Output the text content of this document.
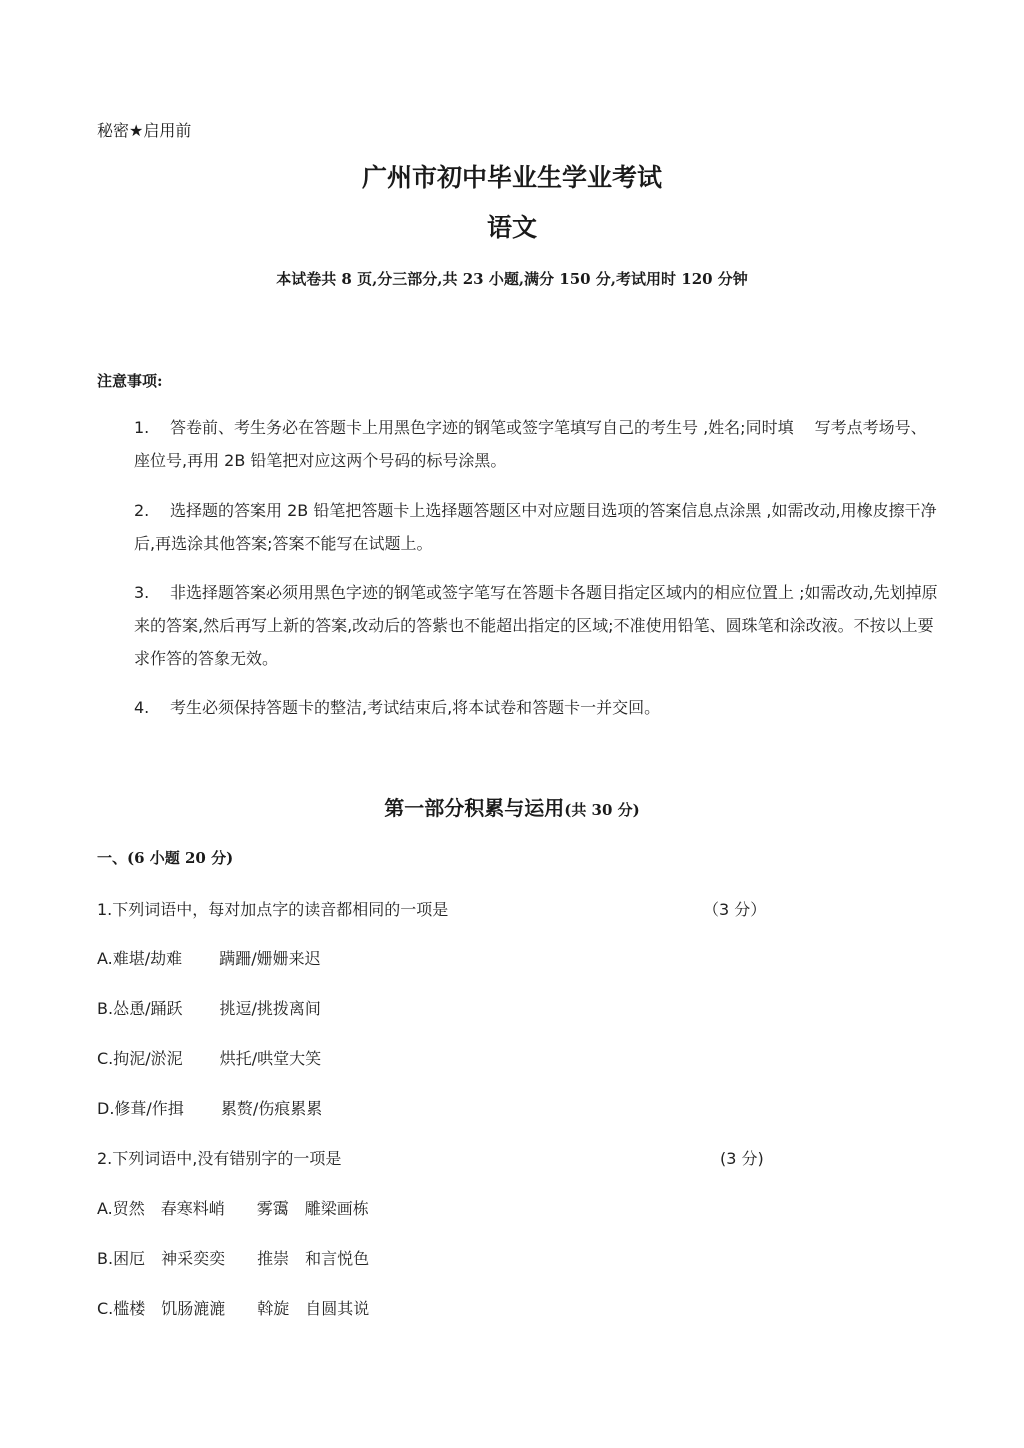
秘密★启用前
广州市初中毕业生学业考试
语文
本试卷共 8 页,分三部分,共 23 小题,满分 150 分,考试用时 120 分钟
注意事项:
1. 答卷前、考生务必在答题卡上用黑色字迹的钢笔或签字笔填写自己的考生号 ,姓名;同时填　 写考点考场号、座位号,再用 2B 铅笔把对应这两个号码的标号涂黑。
2. 选择题的答案用 2B 铅笔把答题卡上选择题答题区中对应题目选项的答案信息点涂黑 ,如需改动,用橡皮擦干净后,再选涂其他答案;答案不能写在试题上。
3. 非选择题答案必须用黑色字迹的钢笔或签字笔写在答题卡各题目指定区域内的相应位置上 ;如需改动,先划掉原来的答案,然后再写上新的答案,改动后的答紫也不能超出指定的区域;不准使用铅笔、圆珠笔和涂改液。不按以上要求作答的答象无效。
4. 考生必须保持答题卡的整洁,考试结束后,将本试卷和答题卡一并交回。
第一部分积累与运用(共 30 分)
一、(6 小题 20 分)
1.下列词语中，每对加点字的读音都相同的一项是	（3 分）
A.难堪/劫难　　 蹒跚/姗姗来迟
B.怂恿/踊跃　　 挑逗/挑拨离间
C.拘泥/淤泥　　 烘托/哄堂大笑
D.修葺/作揖　　 累赘/伤痕累累
2.下列词语中,没有错别字的一项是	(3 分)
A.贸然　春寒料峭　　雾霭　雕梁画栋
B.困厄　神采奕奕　　推崇　和言悦色
C.槛楼　饥肠漉漉　　斡旋　自圆其说
